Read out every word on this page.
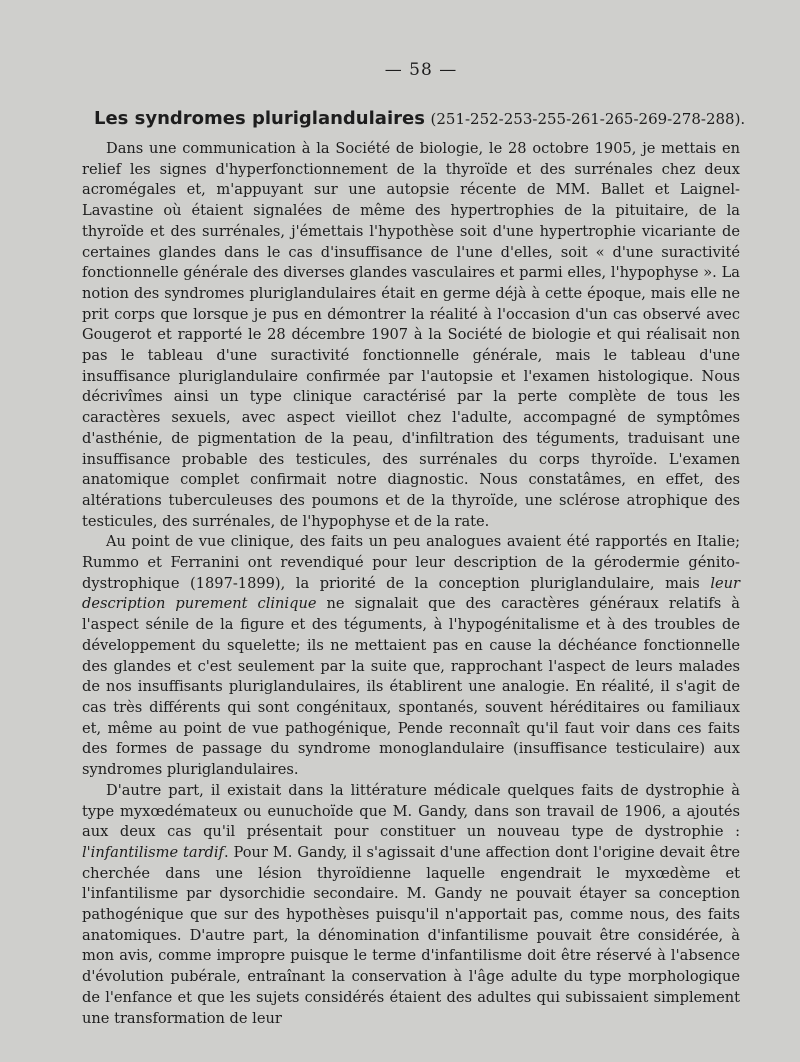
— 58 —
Les syndromes pluriglandulaires (251-252-253-255-261-265-269-278-288).

Dans une communication à la Société de biologie, le 28 octobre 1905, je mettais en relief les signes d'hyperfonctionnement de la thyroïde et des surrénales chez deux acromégales et, m'appuyant sur une autopsie récente de MM. Ballet et Laignel-Lavastine où étaient signalées de même des hypertrophies de la pituitaire, de la thyroïde et des surrénales, j'émettais l'hypothèse soit d'une hypertrophie vicariante de certaines glandes dans le cas d'insuffisance de l'une d'elles, soit « d'une suractivité fonctionnelle générale des diverses glandes vasculaires et parmi elles, l'hypophyse ». La notion des syndromes pluriglandulaires était en germe déjà à cette époque, mais elle ne prit corps que lorsque je pus en démontrer la réalité à l'occasion d'un cas observé avec Gougerot et rapporté le 28 décembre 1907 à la Société de biologie et qui réalisait non pas le tableau d'une suractivité fonctionnelle générale, mais le tableau d'une insuffisance pluriglandulaire confirmée par l'autopsie et l'examen histologique. Nous décrivîmes ainsi un type clinique caractérisé par la perte complète de tous les caractères sexuels, avec aspect vieillot chez l'adulte, accompagné de symptômes d'asthénie, de pigmentation de la peau, d'infiltration des téguments, traduisant une insuffisance probable des testicules, des surrénales du corps thyroïde. L'examen anatomique complet confirmait notre diagnostic. Nous constatâmes, en effet, des altérations tuberculeuses des poumons et de la thyroïde, une sclérose atrophique des testicules, des surrénales, de l'hypophyse et de la rate.

Au point de vue clinique, des faits un peu analogues avaient été rapportés en Italie; Rummo et Ferranini ont revendiqué pour leur description de la gérodermie génito-dystrophique (1897-1899), la priorité de la conception pluriglandulaire, mais leur description purement clinique ne signalait que des caractères généraux relatifs à l'aspect sénile de la figure et des téguments, à l'hypogénitalisme et à des troubles de développement du squelette; ils ne mettaient pas en cause la déchéance fonctionnelle des glandes et c'est seulement par la suite que, rapprochant l'aspect de leurs malades de nos insuffisants pluriglandulaires, ils établirent une analogie. En réalité, il s'agit de cas très différents qui sont congénitaux, spontanés, souvent héréditaires ou familiaux et, même au point de vue pathogénique, Pende reconnaît qu'il faut voir dans ces faits des formes de passage du syndrome monoglandulaire (insuffisance testiculaire) aux syndromes pluriglandulaires.

D'autre part, il existait dans la littérature médicale quelques faits de dystrophie à type myxœdémateux ou eunuchoïde que M. Gandy, dans son travail de 1906, a ajoutés aux deux cas qu'il présentait pour constituer un nouveau type de dystrophie : l'infantilisme tardif. Pour M. Gandy, il s'agissait d'une affection dont l'origine devait être cherchée dans une lésion thyroïdienne laquelle engendrait le myxœdème et l'infantilisme par dysorchidie secondaire. M. Gandy ne pouvait étayer sa conception pathogénique que sur des hypothèses puisqu'il n'apportait pas, comme nous, des faits anatomiques. D'autre part, la dénomination d'infantilisme pouvait être considérée, à mon avis, comme impropre puisque le terme d'infantilisme doit être réservé à l'absence d'évolution pubérale, entraînant la conservation à l'âge adulte du type morphologique de l'enfance et que les sujets considérés étaient des adultes qui subissaient simplement une transformation de leur
